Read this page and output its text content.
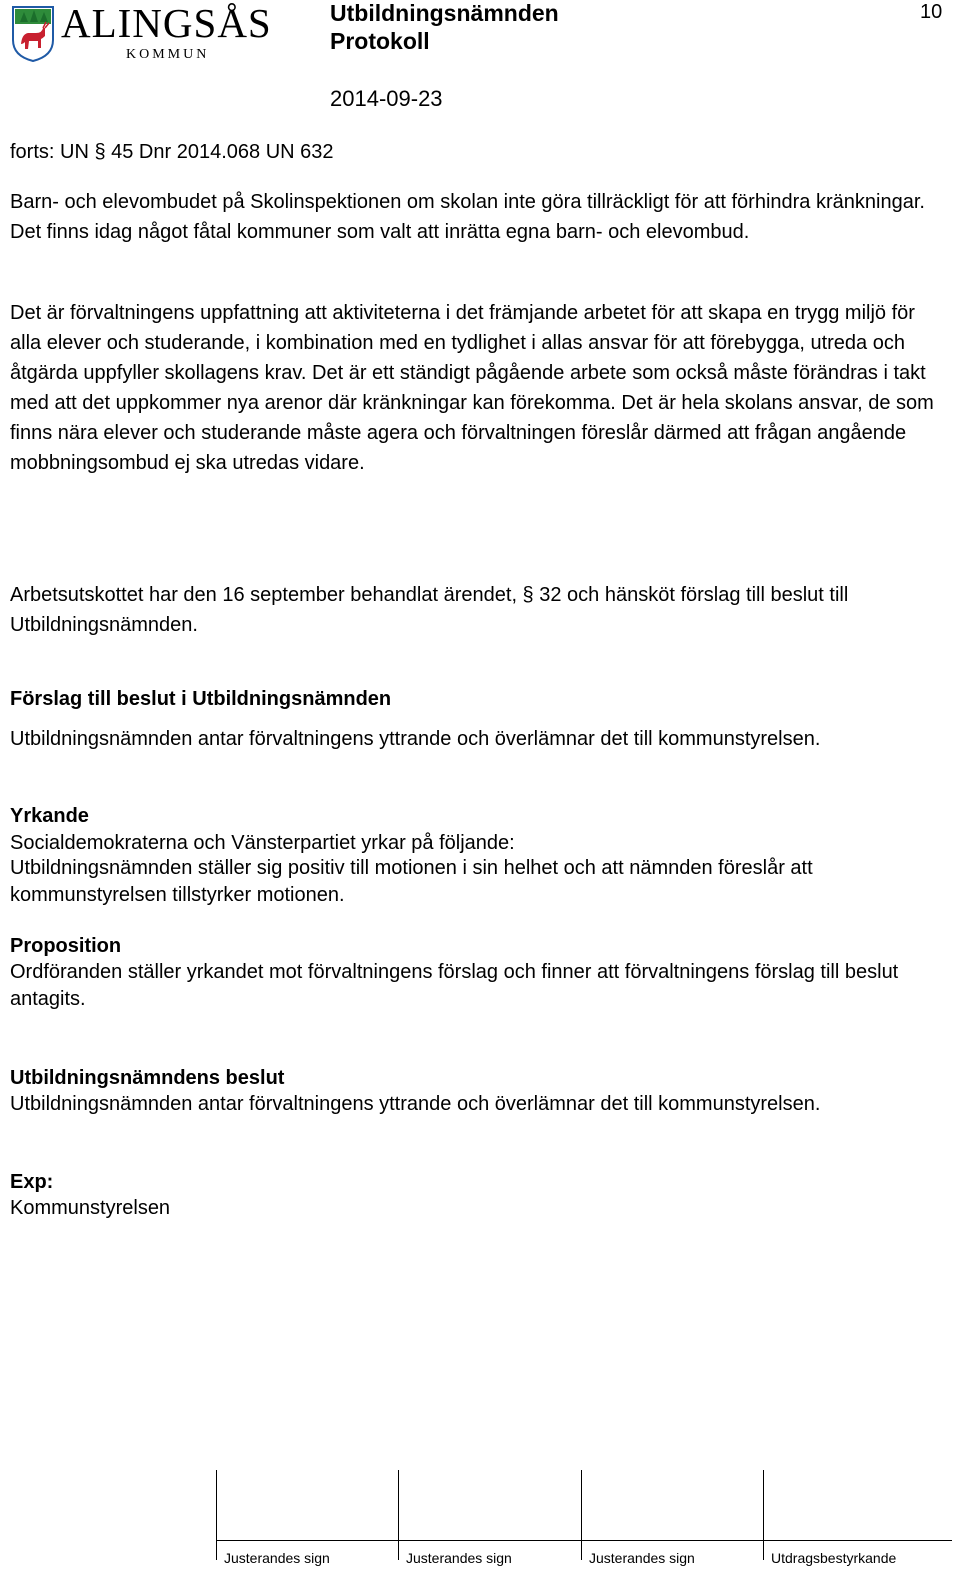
ALINGSÅS
KOMMUN
Utbildningsnämnden
Protokoll
2014-09-23
10

forts: UN § 45 Dnr 2014.068 UN 632

Barn- och elevombudet på Skolinspektionen om skolan inte göra tillräckligt för att förhindra kränkningar. Det finns idag något fåtal kommuner som valt att inrätta egna barn- och elevombud.

Det är förvaltningens uppfattning att aktiviteterna i det främjande arbetet för att skapa en trygg miljö för alla elever och studerande, i kombination med en tydlighet i allas ansvar för att förebygga, utreda och åtgärda uppfyller skollagens krav. Det är ett ständigt pågående arbete som också måste förändras i takt med att det uppkommer nya arenor där kränkningar kan förekomma. Det är hela skolans ansvar, de som finns nära elever och studerande måste agera och förvaltningen föreslår därmed att frågan angående mobbningsombud ej ska utredas vidare.

Arbetsutskottet har den 16 september behandlat ärendet, § 32 och hänsköt förslag till beslut till Utbildningsnämnden.

Förslag till beslut i Utbildningsnämnden

Utbildningsnämnden antar förvaltningens yttrande och överlämnar det till kommunstyrelsen.

Yrkande

Socialdemokraterna och Vänsterpartiet yrkar på följande:

Utbildningsnämnden ställer sig positiv till motionen i sin helhet och att nämnden föreslår att kommunstyrelsen tillstyrker motionen.

Proposition

Ordföranden ställer yrkandet mot förvaltningens förslag och finner att förvaltningens förslag till beslut antagits.

Utbildningsnämndens beslut

Utbildningsnämnden antar förvaltningens yttrande och överlämnar det till kommunstyrelsen.

Exp:

Kommunstyrelsen

Justerandes sign	Justerandes sign	Justerandes sign	Utdragsbestyrkande
